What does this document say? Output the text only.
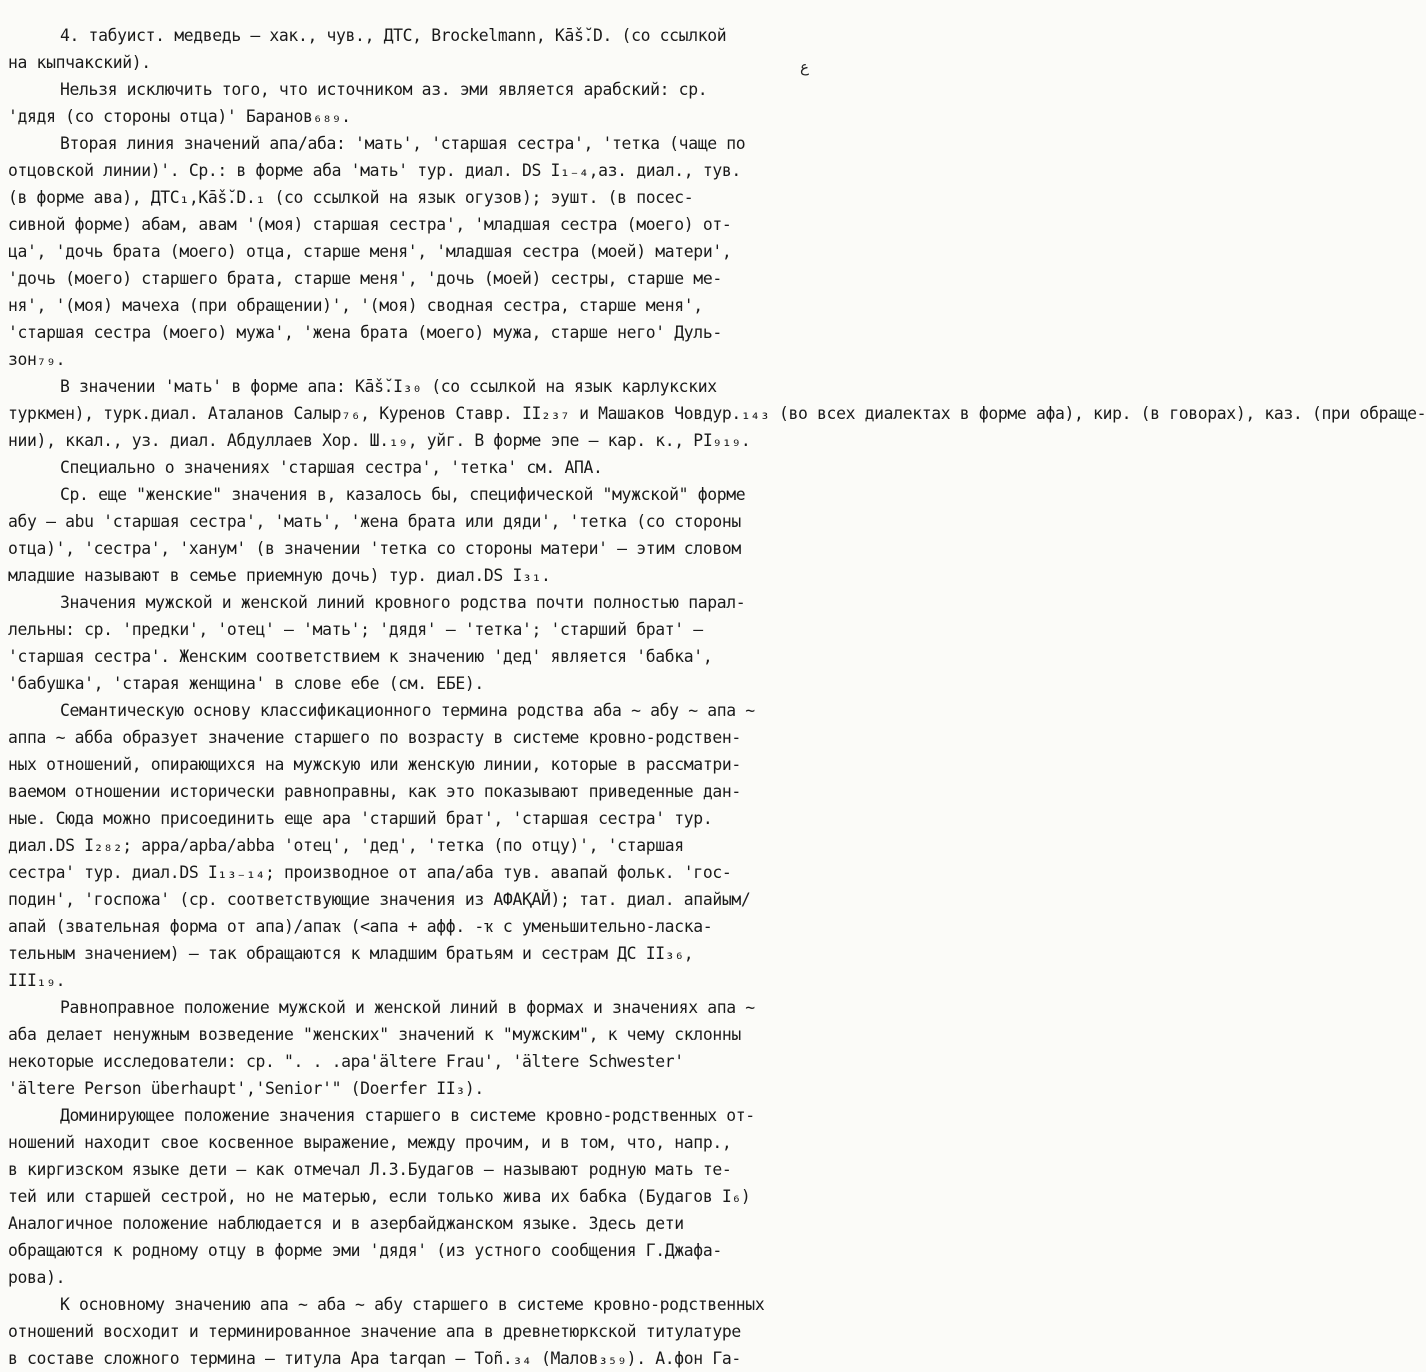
ع
4. табуист. медведь – хак., чув., ДТС, Brockelmann, Kāš̆.D. (со ссылкой
на кыпчакский).
Нельзя исключить того, что источником аз. эми является арабский: ср.
'дядя (со стороны отца)' Баранов₆₈₉.
Вторая линия значений апа/аба: 'мать', 'старшая сестра', 'тетка (чаще по
отцовской линии)'. Ср.: в форме аба 'мать' тур. диал. DS I₁₋₄,аз. диал., тув.
(в форме ава), ДТС₁,Kāš̆.D.₁ (со ссылкой на язык огузов); эушт. (в посес-
сивной форме) абам, авам '(моя) старшая сестра', 'младшая сестра (моего) от-
ца', 'дочь брата (моего) отца, старше меня', 'младшая сестра (моей) матери',
'дочь (моего) старшего брата, старше меня', 'дочь (моей) сестры, старше ме-
ня', '(моя) мачеха (при обращении)', '(моя) сводная сестра, старше меня',
'старшая сестра (моего) мужа', 'жена брата (моего) мужа, старше него' Дуль-
зон₇₉.
В значении 'мать' в форме апа: Kāš̆.I₃₀ (со ссылкой на язык карлукских
туркмен), турк.диал. Аталанов Салыр₇₆, Куренов Ставр. II₂₃₇ и Машаков Човдур.₁₄₃ (во всех диалектах в форме афа), кир. (в говорах), каз. (при обраще-
нии), ккал., уз. диал. Абдуллаев Хор. Ш.₁₉, уйг. В форме эпе – кар. к., PI₉₁₉.
Специально о значениях 'старшая сестра', 'тетка' см. АПА.
Ср. еще "женские" значения в, казалось бы, специфической "мужской" форме
абу – abu 'старшая сестра', 'мать', 'жена брата или дяди', 'тетка (со стороны
отца)', 'сестра', 'ханум' (в значении 'тетка со стороны матери' – этим словом
младшие называют в семье приемную дочь) тур. диал.DS I₃₁.
Значения мужской и женской линий кровного родства почти полностью парал-
лельны: ср. 'предки', 'отец' – 'мать'; 'дядя' – 'тетка'; 'старший брат' –
'старшая сестра'. Женским соответствием к значению 'дед' является 'бабка',
'бабушка', 'старая женщина' в слове ебе (см. ЕБЕ).
Семантическую основу классификационного термина родства аба ~ абу ~ апа ~
аппа ~ абба образует значение старшего по возрасту в системе кровно-родствен-
ных отношений, опирающихся на мужскую или женскую линии, которые в рассматри-
ваемом отношении исторически равноправны, как это показывают приведенные дан-
ные. Сюда можно присоединить еще apa 'старший брат', 'старшая сестра' тур.
диал.DS I₂₈₂; appa/apba/abba 'отец', 'дед', 'тетка (по отцу)', 'старшая
сестра' тур. диал.DS I₁₃₋₁₄; производное от апа/аба тув. авапай фольк. 'гос-
подин', 'госпожа' (ср. соответствующие значения из АФАҚАЙ); тат. диал. апайым/
апай (звательная форма от апа)/апаҡ (<апа + афф. -ҡ с уменьшительно-ласка-
тельным значением) – так обращаются к младшим братьям и сестрам ДС II₃₆,
III₁₉.
Равноправное положение мужской и женской линий в формах и значениях апа ~
аба делает ненужным возведение "женских" значений к "мужским", к чему склонны
некоторые исследователи: ср. ". . .apa'ältere Frau', 'ältere Schwester'
'ältere Person überhaupt','Senior'" (Doerfer II₃).
Доминирующее положение значения старшего в системе кровно-родственных от-
ношений находит свое косвенное выражение, между прочим, и в том, что, напр.,
в киргизском языке дети – как отмечал Л.З.Будагов – называют родную мать те-
тей или старшей сестрой, но не матерью, если только жива их бабка (Будагов I₆)
Аналогичное положение наблюдается и в азербайджанском языке. Здесь дети
обращаются к родному отцу в форме эми 'дядя' (из устного сообщения Г.Джафа-
рова).
К основному значению апа ~ аба ~ абу старшего в системе кровно-родственных
отношений восходит и терминированное значение апа в древнетюркской титулатуре
в составе сложного термина – титула Apa tarqan – Тоñ.₃₄ (Малов₃₅₉). А.фон Га-
